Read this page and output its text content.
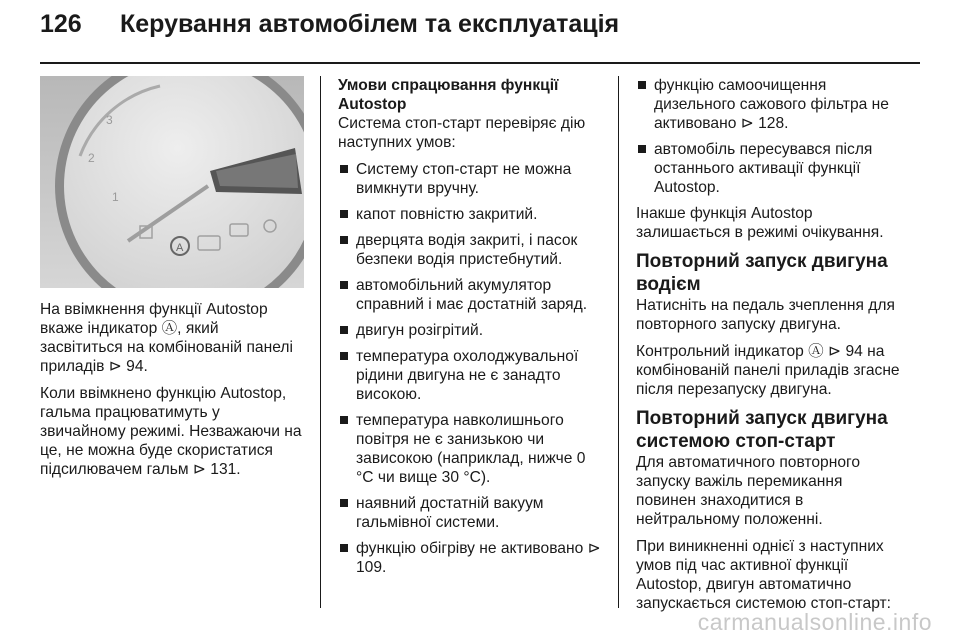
126	Керування автомобілем та експлуатація
2
3
1
A

На ввімкнення функції Autostop вкаже індикатор Ⓐ, який засвітиться на комбінованій панелі приладів ⊳ 94.

Коли ввімкнено функцію Autostop, гальма працюватимуть у звичайному режимі. Незважаючи на це, не можна буде скористатися підсилювачем гальм ⊳ 131.

Умови спрацювання функції Autostop

Система стоп-старт перевіряє дію наступних умов:

Систему стоп-старт не можна вимкнути вручну.
капот повністю закритий.
дверцята водія закриті, і пасок безпеки водія пристебнутий.
автомобільний акумулятор справний і має достатній заряд.
двигун розігрітий.
температура охолоджувальної рідини двигуна не є занадто високою.
температура навколишнього повітря не є занизькою чи зависокою (наприклад, нижче 0 °C чи вище 30 °C).
наявний достатній вакуум гальмівної системи.
функцію обігріву не активовано ⊳ 109.
функцію самоочищення дизельного сажового фільтра не активовано ⊳ 128.
автомобіль пересувався після останнього активації функції Autostop.

Інакше функція Autostop залишається в режимі очікування.

Повторний запуск двигуна водієм

Натисніть на педаль зчеплення для повторного запуску двигуна.

Контрольний індикатор Ⓐ ⊳ 94 на комбінованій панелі приладів згасне після перезапуску двигуна.

Повторний запуск двигуна системою стоп-старт

Для автоматичного повторного запуску важіль перемикання повинен знаходитися в нейтральному положенні.

При виникненні однієї з наступних умов під час активної функції Autostop, двигун автоматично запускається системою стоп-старт:

carmanualsonline.info
